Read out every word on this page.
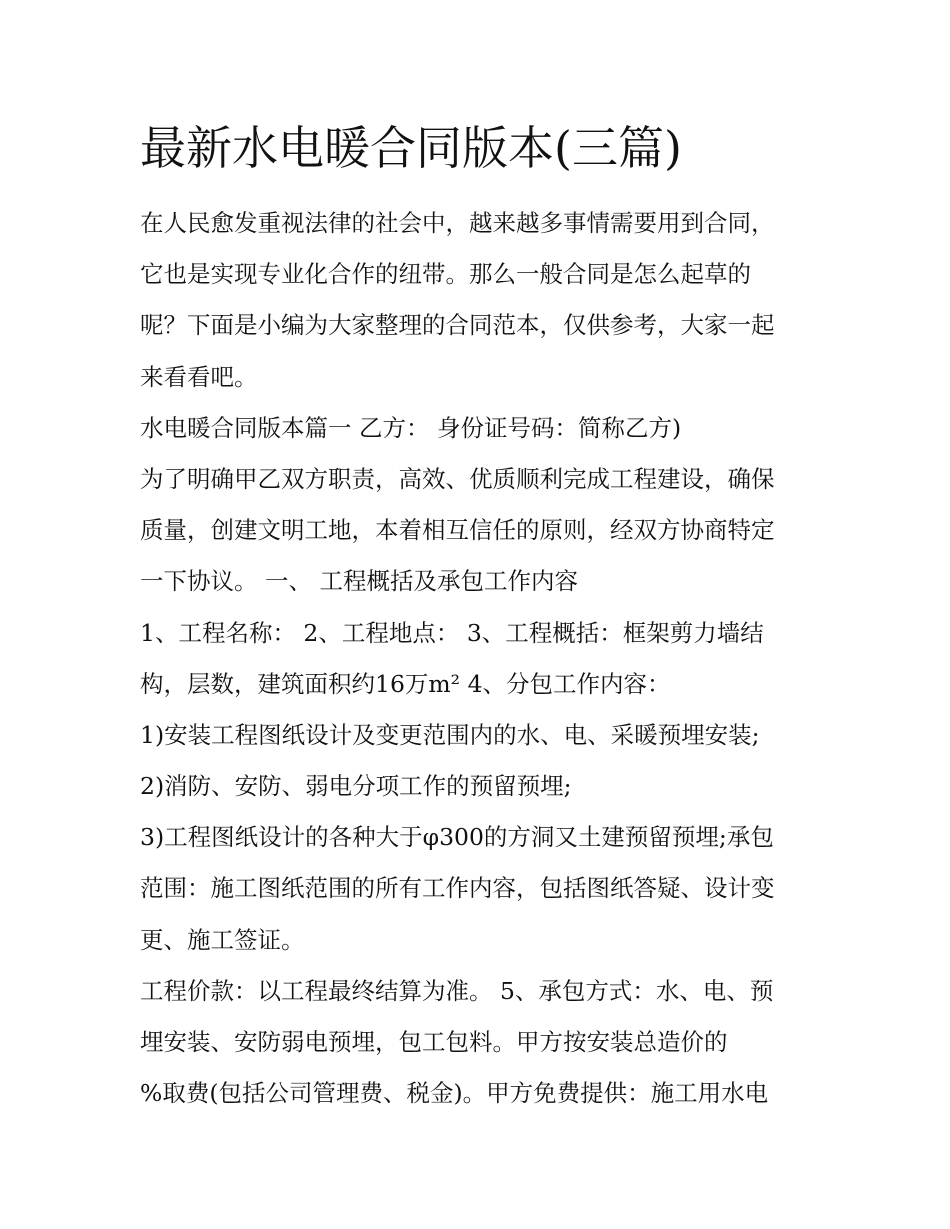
最新水电暖合同版本(三篇)
在人民愈发重视法律的社会中，越来越多事情需要用到合同，
它也是实现专业化合作的纽带。那么一般合同是怎么起草的
呢？下面是小编为大家整理的合同范本，仅供参考，大家一起
来看看吧。
水电暖合同版本篇一 乙方： 身份证号码：简称乙方)
为了明确甲乙双方职责，高效、优质顺利完成工程建设，确保
质量，创建文明工地，本着相互信任的原则，经双方协商特定
一下协议。 一、 工程概括及承包工作内容
1、工程名称： 2、工程地点： 3、工程概括：框架剪力墙结
构，层数，建筑面积约16万m² 4、分包工作内容：
1)安装工程图纸设计及变更范围内的水、电、采暖预埋安装;
2)消防、安防、弱电分项工作的预留预埋;
3)工程图纸设计的各种大于φ300的方洞又土建预留预埋;承包
范围：施工图纸范围的所有工作内容，包括图纸答疑、设计变
更、施工签证。
工程价款：以工程最终结算为准。 5、承包方式：水、电、预
埋安装、安防弱电预埋，包工包料。甲方按安装总造价的
%取费(包括公司管理费、税金)。甲方免费提供：施工用水电
